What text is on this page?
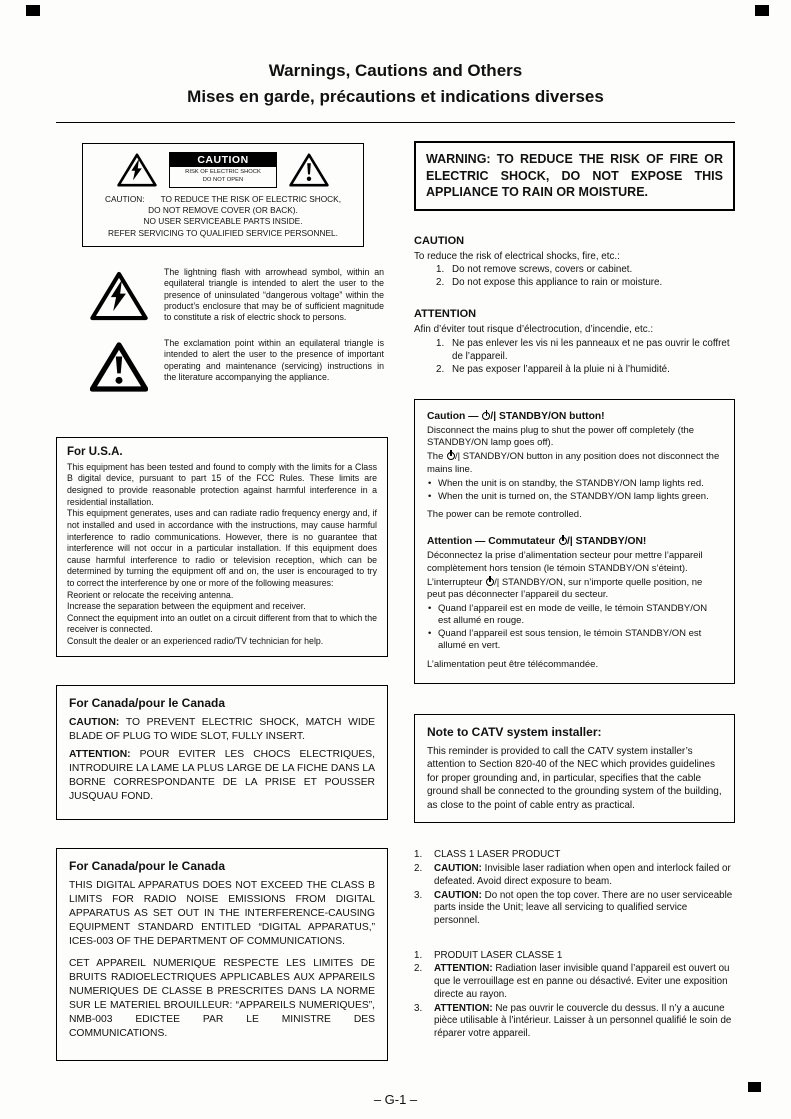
Warnings, Cautions and Others
Mises en garde, précautions et indications diverses
CAUTION
RISK OF ELECTRIC SHOCK
DO NOT OPEN
CAUTION: TO REDUCE THE RISK OF ELECTRIC SHOCK,
DO NOT REMOVE COVER (OR BACK).
NO USER SERVICEABLE PARTS INSIDE.
REFER SERVICING TO QUALIFIED SERVICE PERSONNEL.

The lightning flash with arrowhead symbol, within an equilateral triangle is intended to alert the user to the presence of uninsulated “dangerous voltage” within the product’s enclosure that may be of sufficient magnitude to constitute a risk of electric shock to persons.

The exclamation point within an equilateral triangle is intended to alert the user to the presence of important operating and maintenance (servicing) instructions in the literature accompanying the appliance.

For U.S.A.
This equipment has been tested and found to comply with the limits for a Class B digital device, pursuant to part 15 of the FCC Rules. These limits are designed to provide reasonable protection against harmful interference in a residential installation.
This equipment generates, uses and can radiate radio frequency energy and, if not installed and used in accordance with the instructions, may cause harmful interference to radio communications. However, there is no guarantee that interference will not occur in a particular installation. If this equipment does cause harmful interference to radio or television reception, which can be determined by turning the equipment off and on, the user is encouraged to try to correct the interference by one or more of the following measures:
Reorient or relocate the receiving antenna.
Increase the separation between the equipment and receiver.
Connect the equipment into an outlet on a circuit different from that to which the receiver is connected.
Consult the dealer or an experienced radio/TV technician for help.
For Canada/pour le Canada

CAUTION: TO PREVENT ELECTRIC SHOCK, MATCH WIDE BLADE OF PLUG TO WIDE SLOT, FULLY INSERT.

ATTENTION: POUR EVITER LES CHOCS ELECTRIQUES, INTRODUIRE LA LAME LA PLUS LARGE DE LA FICHE DANS LA BORNE CORRESPONDANTE DE LA PRISE ET POUSSER JUSQUAU FOND.

For Canada/pour le Canada

THIS DIGITAL APPARATUS DOES NOT EXCEED THE CLASS B LIMITS FOR RADIO NOISE EMISSIONS FROM DIGITAL APPARATUS AS SET OUT IN THE INTERFERENCE-CAUSING EQUIPMENT STANDARD ENTITLED “DIGITAL APPARATUS,” ICES-003 OF THE DEPARTMENT OF COMMUNICATIONS.

CET APPAREIL NUMERIQUE RESPECTE LES LIMITES DE BRUITS RADIOELECTRIQUES APPLICABLES AUX APPAREILS NUMERIQUES DE CLASSE B PRESCRITES DANS LA NORME SUR LE MATERIEL BROUILLEUR: “APPAREILS NUMERIQUES”, NMB-003 EDICTEE PAR LE MINISTRE DES COMMUNICATIONS.

WARNING: TO REDUCE THE RISK OF FIRE OR ELECTRIC SHOCK, DO NOT EXPOSE THIS APPLIANCE TO RAIN OR MOISTURE.
CAUTION
To reduce the risk of electrical shocks, fire, etc.:
1. Do not remove screws, covers or cabinet.
2. Do not expose this appliance to rain or moisture.
ATTENTION
Afin d’éviter tout risque d’électrocution, d’incendie, etc.:
1. Ne pas enlever les vis ni les panneaux et ne pas ouvrir le coffret de l’appareil.
2. Ne pas exposer l’appareil à la pluie ni à l’humidité.
Caution — /| STANDBY/ON button!

Disconnect the mains plug to shut the power off completely (the STANDBY/ON lamp goes off).

The /| STANDBY/ON button in any position does not disconnect the mains line.

• When the unit is on standby, the STANDBY/ON lamp lights red.
• When the unit is turned on, the STANDBY/ON lamp lights green.

The power can be remote controlled.

Attention — Commutateur /| STANDBY/ON!

Déconnectez la prise d’alimentation secteur pour mettre l’appareil complètement hors tension (le témoin STANDBY/ON s’éteint).

L’interrupteur /| STANDBY/ON, sur n’importe quelle position, ne peut pas déconnecter l’appareil du secteur.

• Quand l’appareil est en mode de veille, le témoin STANDBY/ON est allumé en rouge.
• Quand l’appareil est sous tension, le témoin STANDBY/ON est allumé en vert.

L’alimentation peut être télécommandée.

Note to CATV system installer:
This reminder is provided to call the CATV system installer’s attention to Section 820-40 of the NEC which provides guidelines for proper grounding and, in particular, specifies that the cable ground shall be connected to the grounding system of the building, as close to the point of cable entry as practical.
1.	CLASS 1 LASER PRODUCT
2.	CAUTION: Invisible laser radiation when open and interlock failed or defeated. Avoid direct exposure to beam.
3.	CAUTION: Do not open the top cover. There are no user serviceable parts inside the Unit; leave all servicing to qualified service personnel.
1.	PRODUIT LASER CLASSE 1
2.	ATTENTION: Radiation laser invisible quand l’appareil est ouvert ou que le verrouillage est en panne ou désactivé. Eviter une exposition directe au rayon.
3.	ATTENTION: Ne pas ouvrir le couvercle du dessus. Il n’y a aucune pièce utilisable à l’intérieur. Laisser à un personnel qualifié le soin de réparer votre appareil.
– G-1 –
